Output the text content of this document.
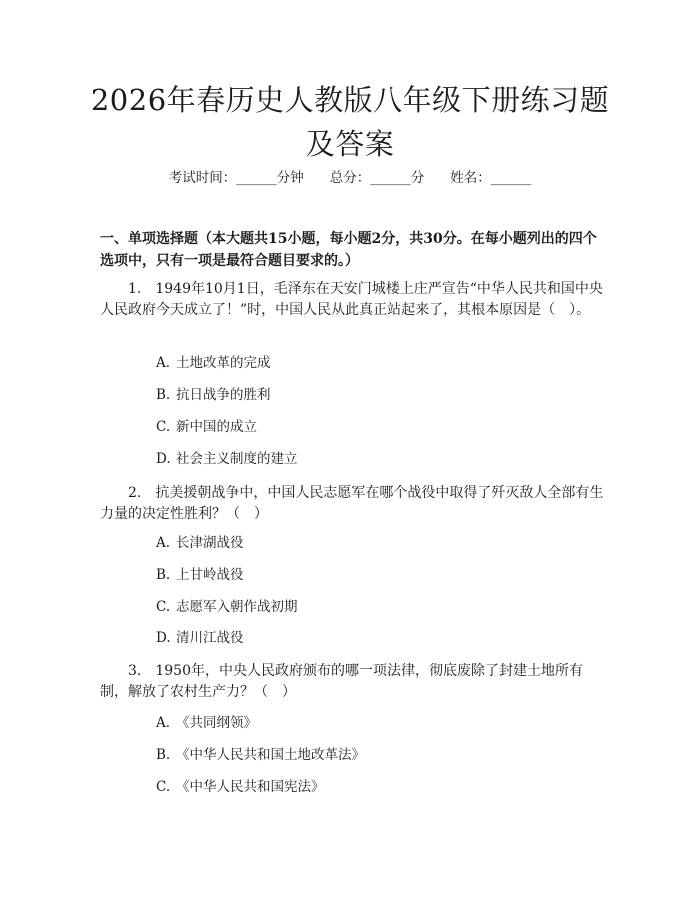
2026年春历史人教版八年级下册练习题及答案
考试时间：______分钟 总分：______分 姓名：______
一、单项选择题（本大题共15小题，每小题2分，共30分。在每小题列出的四个选项中，只有一项是最符合题目要求的。）
1.　1949年10月1日，毛泽东在天安门城楼上庄严宣告“中华人民共和国中央人民政府今天成立了！”时，中国人民从此真正站起来了，其根本原因是（　）。
A. 土地改革的完成
B. 抗日战争的胜利
C. 新中国的成立
D. 社会主义制度的建立
2.　抗美援朝战争中，中国人民志愿军在哪个战役中取得了歼灭敌人全部有生力量的决定性胜利？（　）
A. 长津湖战役
B. 上甘岭战役
C. 志愿军入朝作战初期
D. 清川江战役
3.　1950年，中央人民政府颁布的哪一项法律，彻底废除了封建土地所有制，解放了农村生产力？（　）
A. 《共同纲领》
B. 《中华人民共和国土地改革法》
C. 《中华人民共和国宪法》
